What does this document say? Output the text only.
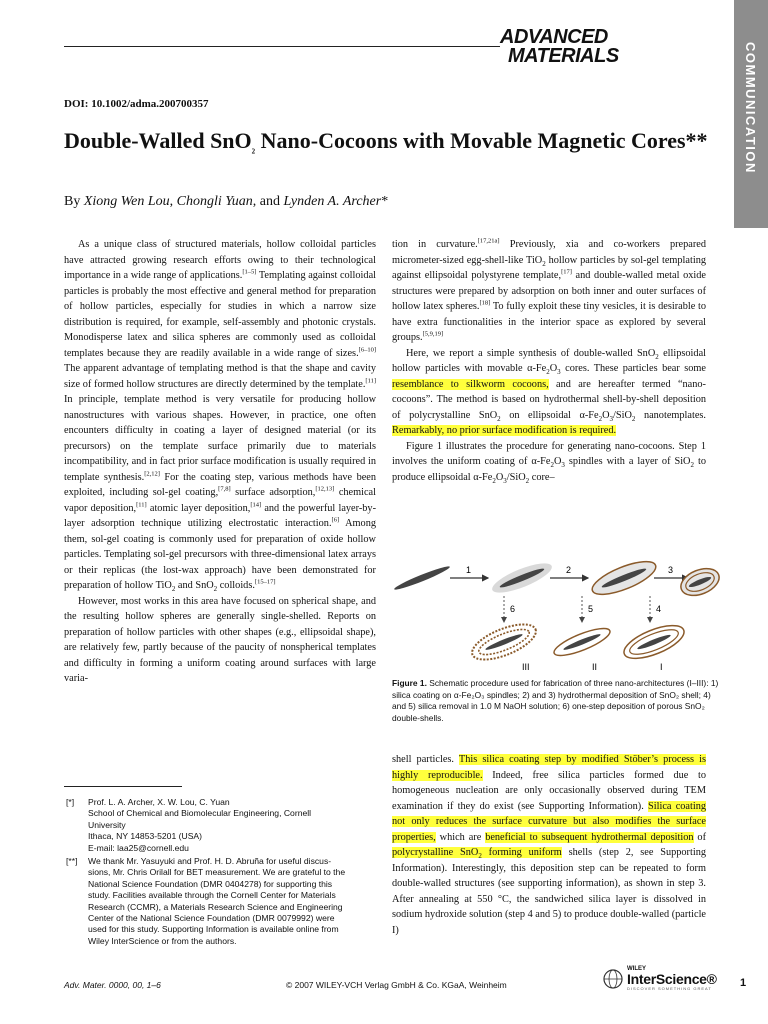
ADVANCED
MATERIALS	COMMUNICATION
DOI: 10.1002/adma.200700357
Double-Walled SnO$_2$ Nano-Cocoons with Movable Magnetic Cores**
By Xiong Wen Lou, Chongli Yuan, and Lynden A. Archer*

As a unique class of structured materials, hollow colloidal particles have attracted growing research efforts owing to their technological importance in a wide range of applications.[1–5] Templating against colloidal particles is probably the most effective and general method for preparation of hollow particles, especially for studies in which a narrow size distribution is required, for example, self-assembly and photonic crystals. Monodisperse latex and silica spheres are commonly used as colloidal templates because they are readily available in a wide range of sizes.[6–10] The apparent advantage of templating method is that the shape and cavity size of formed hollow structures are directly determined by the template.[11] In principle, template method is very versatile for producing hollow nanostructures with various shapes. However, in practice, one often encounters difficulty in coating a layer of designed material (or its precursors) on the template surface primarily due to materials incompatibility, and in fact prior surface modification is usually required in template synthesis.[2,12] For the coating step, various methods have been exploited, including sol-gel coating,[7,8] surface adsorption,[12,13] chemical vapor deposition,[11] atomic layer deposition,[14] and the powerful layer-by-layer adsorption technique utilizing electrostatic interaction.[6] Among them, sol-gel coating is commonly used for preparation of oxide hollow particles. Templating sol-gel precursors with three-dimensional latex arrays or their replicas (the lost-wax approach) have been demonstrated for preparation of hollow TiO$_2$ and SnO$_2$ colloids.[15–17]

However, most works in this area have focused on spherical shape, and the resulting hollow spheres are generally single-shelled. Reports on preparation of hollow particles with other shapes (e.g., ellipsoidal shape), are relatively few, partly because of the paucity of nonspherical templates and difficulty in forming a uniform coating around surfaces with large varia-

tion in curvature.[17,21a] Previously, xia and co-workers prepared micrometer-sized egg-shell-like TiO$_2$ hollow particles by sol-gel templating against ellipsoidal polystyrene template,[17] and double-walled metal oxide structures were prepared by adsorption on both inner and outer surfaces of hollow latex spheres.[18] To fully exploit these tiny vesicles, it is desirable to have extra functionalities in the interior space as explored by several groups.[5,9,19]

Here, we report a simple synthesis of double-walled SnO$_2$ ellipsoidal hollow particles with movable $\alpha-Fe_2O_3$ cores. These particles bear some resemblance to silkworm cocoons, and are hereafter termed “nano-cocoons”. The method is based on hydrothermal shell-by-shell deposition of polycrystalline SnO$_2$ on ellipsoidal $\alpha-Fe_2O_3/SiO_2$ nanotemplates. Remarkably, no prior surface modification is required.

Figure 1 illustrates the procedure for generating nano-cocoons. Step 1 involves the uniform coating of $\alpha-Fe_2O_3$ spindles with a layer of SiO$_2$ to produce ellipsoidal $\alpha-Fe_2O_3/SiO_2$ core–

1	2	3
6	5	4
III	II	I
Figure 1. Schematic procedure used for fabrication of three nano-architectures (I–III): 1) silica coating on α-Fe₂O₃ spindles; 2) and 3) hydrothermal deposition of SnO₂ shell; 4) and 5) silica removal in 1.0 M NaOH solution; 6) one-step deposition of porous SnO₂ double-shells.

shell particles. This silica coating step by modified Stöber’s process is highly reproducible. Indeed, free silica particles formed due to homogeneous nucleation are only occasionally observed during TEM examination if they do exist (see Supporting Information). Silica coating not only reduces the surface curvature but also modifies the surface properties, which are beneficial to subsequent hydrothermal deposition of polycrystalline SnO$_2$ forming uniform shells (step 2, see Supporting Information). Interestingly, this deposition step can be repeated to form double-walled structures (see supporting information), as shown in step 3. After annealing at 550 °C, the sandwiched silica layer is dissolved in sodium hydroxide solution (step 4 and 5) to produce double-walled (particle I)

[*] Prof. L. A. Archer, X. W. Lou, C. Yuan
School of Chemical and Biomolecular Engineering, Cornell
University
Ithaca, NY 14853-5201 (USA)
E-mail: laa25@cornell.edu
[**] We thank Mr. Yasuyuki and Prof. H. D. Abruña for useful discus-
sions, Mr. Chris Orilall for BET measurement. We are grateful to the
National Science Foundation (DMR 0404278) for supporting this
study. Facilities available through the Cornell Center for Materials
Research (CCMR), a Materials Research Science and Engineering
Center of the National Science Foundation (DMR 0079992) were
used for this study. Supporting Information is available online from
Wiley InterScience or from the authors.
Adv. Mater. 0000, 00, 1–6	© 2007 WILEY-VCH Verlag GmbH & Co. KGaA, Weinheim
WILEY
InterScience®
DISCOVER SOMETHING GREAT	1
